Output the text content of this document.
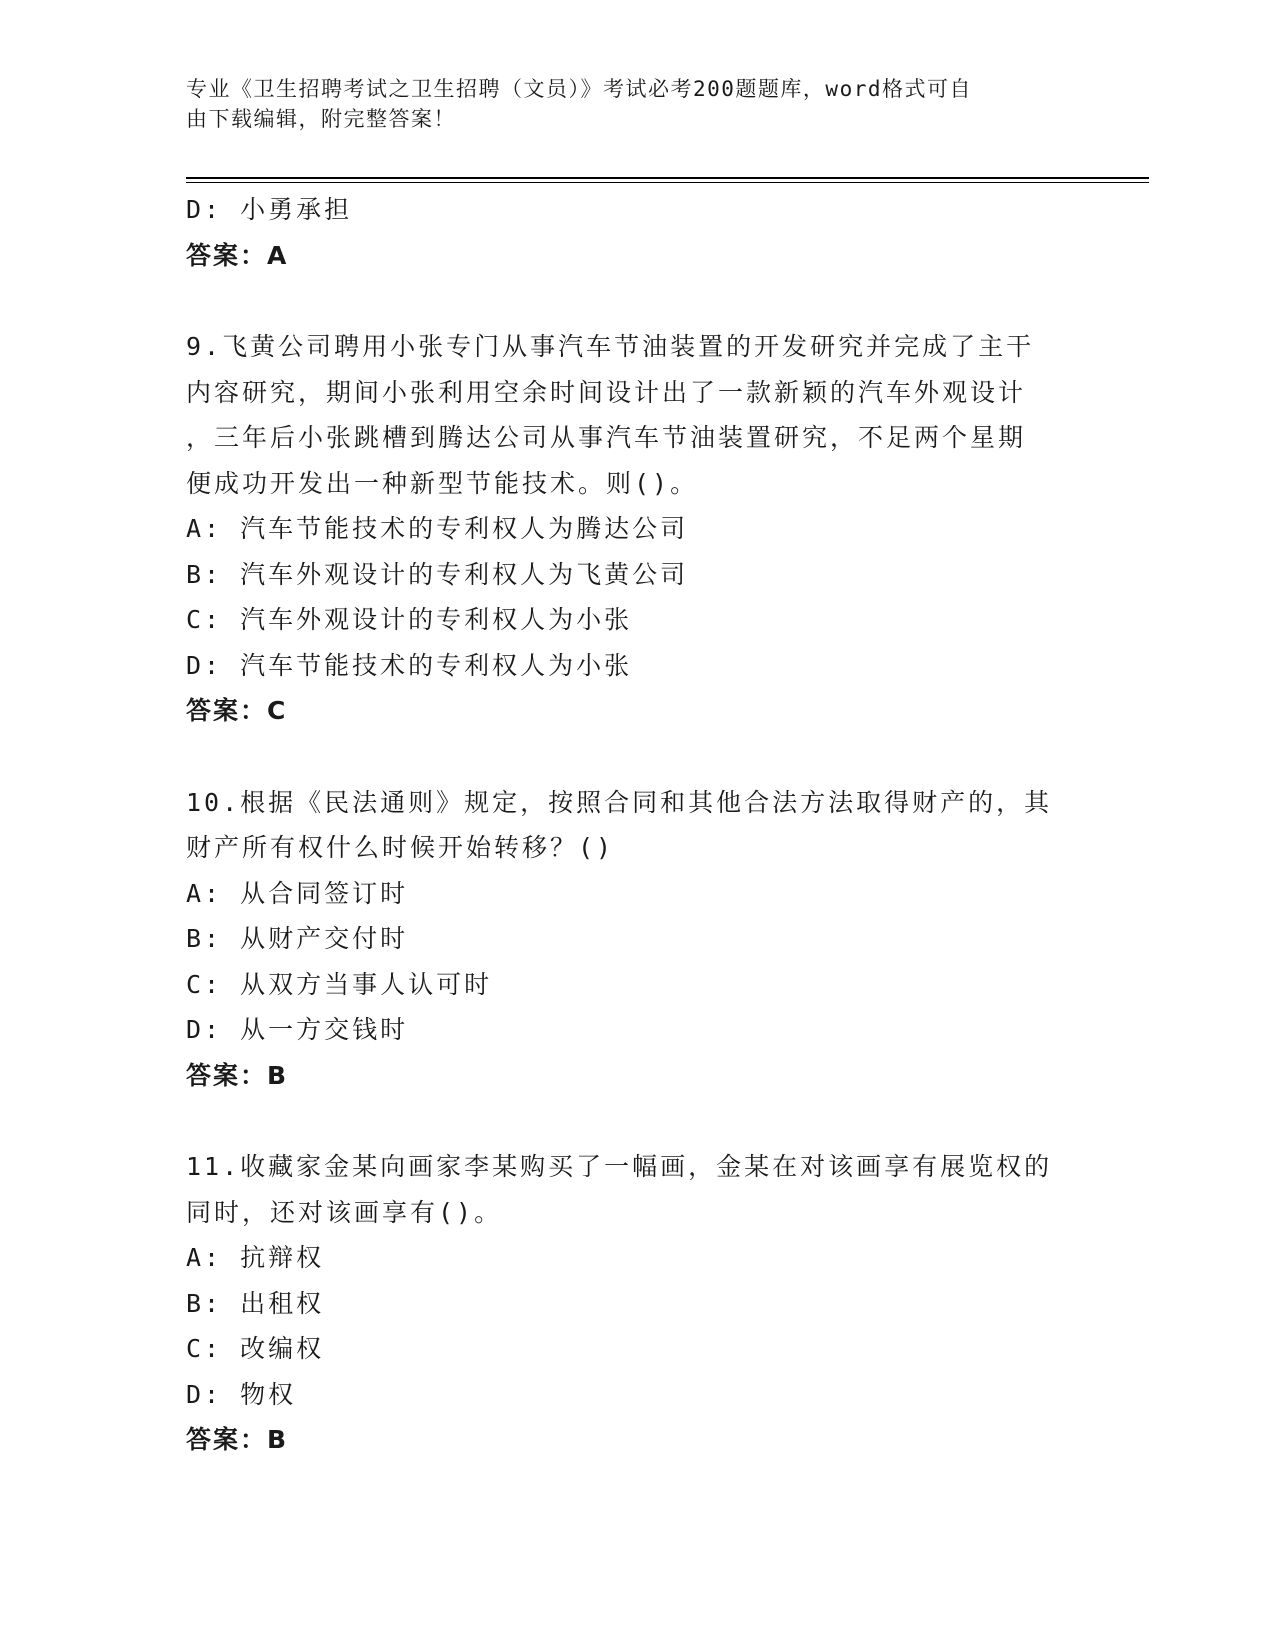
专业《卫生招聘考试之卫生招聘（文员）》考试必考200题题库，word格式可自
由下载编辑，附完整答案！
D: 小勇承担
答案：A
9.飞黄公司聘用小张专门从事汽车节油装置的开发研究并完成了主干
内容研究，期间小张利用空余时间设计出了一款新颖的汽车外观设计
，三年后小张跳槽到腾达公司从事汽车节油装置研究，不足两个星期
便成功开发出一种新型节能技术。则()。
A: 汽车节能技术的专利权人为腾达公司
B: 汽车外观设计的专利权人为飞黄公司
C: 汽车外观设计的专利权人为小张
D: 汽车节能技术的专利权人为小张
答案：C
10.根据《民法通则》规定，按照合同和其他合法方法取得财产的，其
财产所有权什么时候开始转移？()
A: 从合同签订时
B: 从财产交付时
C: 从双方当事人认可时
D: 从一方交钱时
答案：B
11.收藏家金某向画家李某购买了一幅画，金某在对该画享有展览权的
同时，还对该画享有()。
A: 抗辩权
B: 出租权
C: 改编权
D: 物权
答案：B
